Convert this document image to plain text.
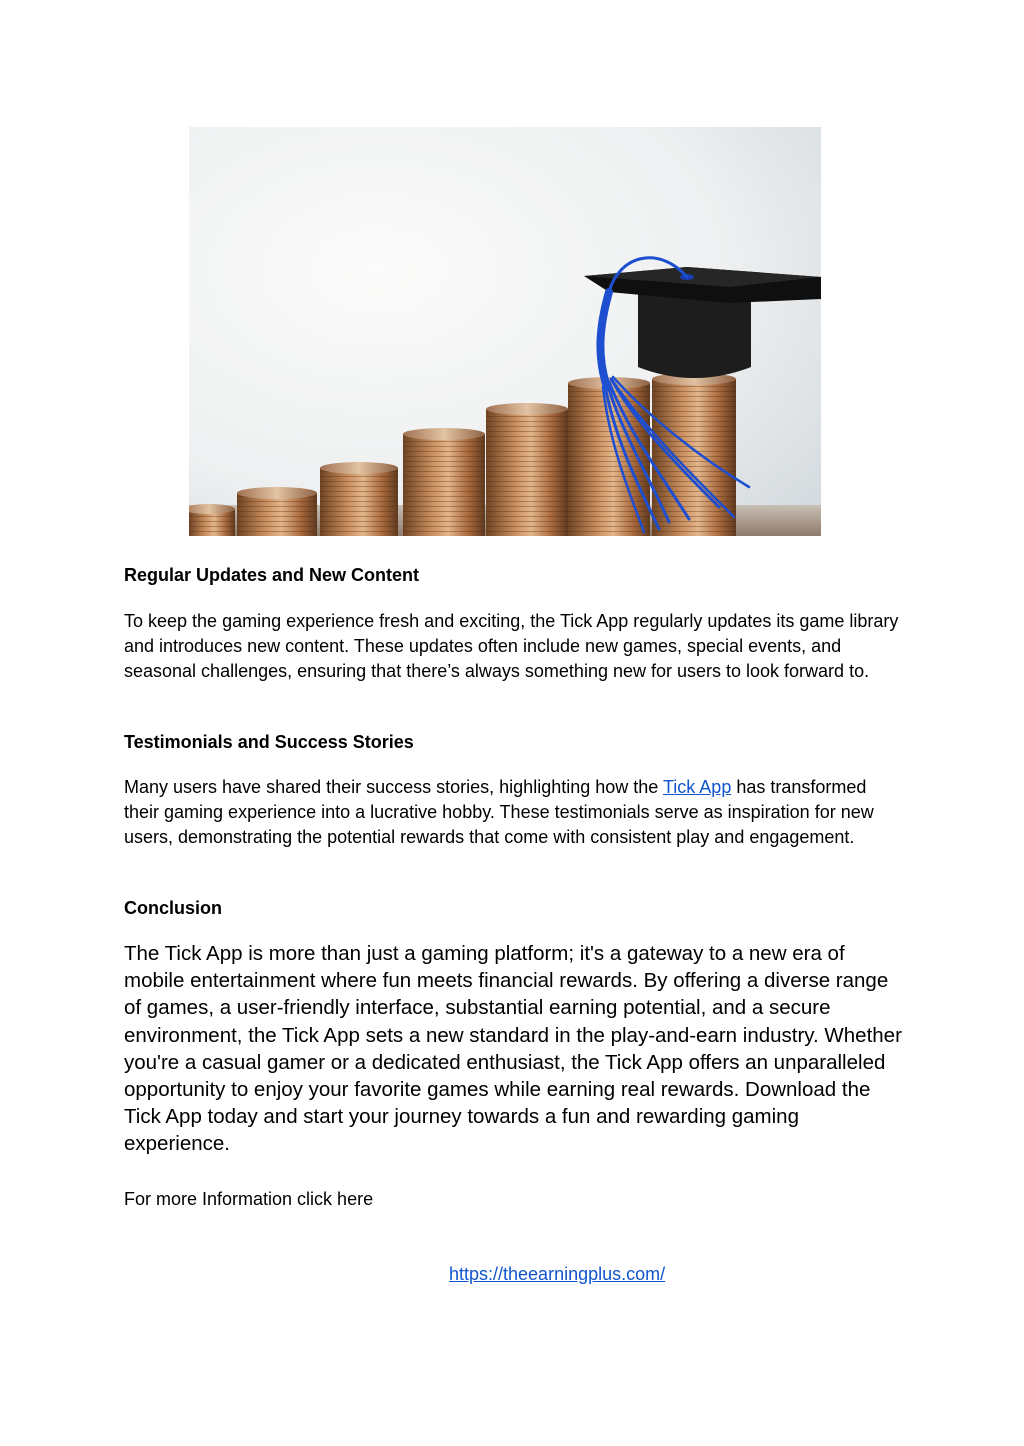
Regular Updates and New Content

To keep the gaming experience fresh and exciting, the Tick App regularly updates its game library and introduces new content. These updates often include new games, special events, and seasonal challenges, ensuring that there’s always something new for users to look forward to.

Testimonials and Success Stories

Many users have shared their success stories, highlighting how the Tick App has transformed their gaming experience into a lucrative hobby. These testimonials serve as inspiration for new users, demonstrating the potential rewards that come with consistent play and engagement.

Conclusion

The Tick App is more than just a gaming platform; it's a gateway to a new era of mobile entertainment where fun meets financial rewards. By offering a diverse range of games, a user-friendly interface, substantial earning potential, and a secure environment, the Tick App sets a new standard in the play-and-earn industry. Whether you're a casual gamer or a dedicated enthusiast, the Tick App offers an unparalleled opportunity to enjoy your favorite games while earning real rewards. Download the Tick App today and start your journey towards a fun and rewarding gaming experience.

For more Information click here

https://theearningplus.com/
